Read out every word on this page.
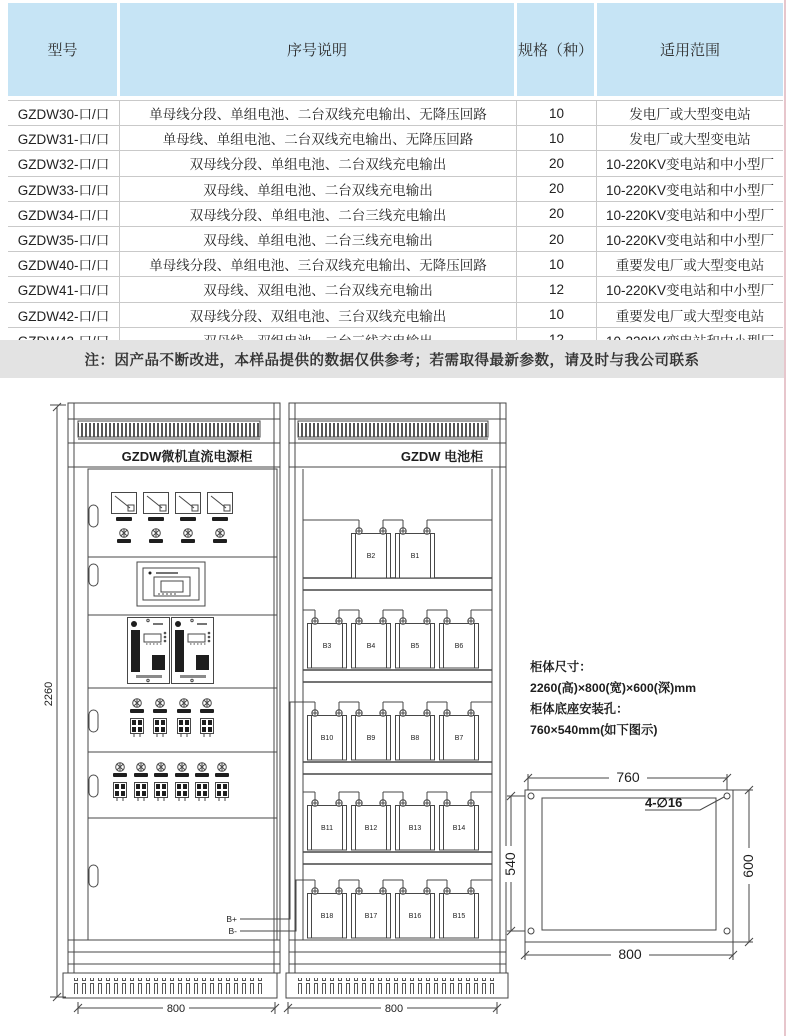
型号	序号说明	规格（种）	适用范围
GZDW30-口/口	单母线分段、单组电池、二台双线充电输出、无降压回路	10	发电厂或大型变电站
GZDW31-口/口	单母线、单组电池、二台双线充电输出、无降压回路	10	发电厂或大型变电站
GZDW32-口/口	双母线分段、单组电池、二台双线充电输出	20	10-220KV变电站和中小型厂
GZDW33-口/口	双母线、单组电池、二台双线充电输出	20	10-220KV变电站和中小型厂
GZDW34-口/口	双母线分段、单组电池、二台三线充电输出	20	10-220KV变电站和中小型厂
GZDW35-口/口	双母线、单组电池、二台三线充电输出	20	10-220KV变电站和中小型厂
GZDW40-口/口	单母线分段、单组电池、三台双线充电输出、无降压回路	10	重要发电厂或大型变电站
GZDW41-口/口	双母线、双组电池、二台双线充电输出	12	10-220KV变电站和中小型厂
GZDW42-口/口	双母线分段、双组电池、三台双线充电输出	10	重要发电厂或大型变电站
注：因产品不断改进，本样品提供的数据仅供参考；若需取得最新参数，请及时与我公司联系
GZDW微机直流电源柜
B+
B-
GZDW 电池柜
B2	B1
B3	B4	B5	B6
B10	B9	B8	B7
B11	B12	B13	B14
B18	B17	B16	B15
2260
800	800
柜体尺寸：
2260(高)×800(宽)×600(深)mm
柜体底座安装孔：
760×540mm(如下图示)
4-∅16
760
800
540	600
